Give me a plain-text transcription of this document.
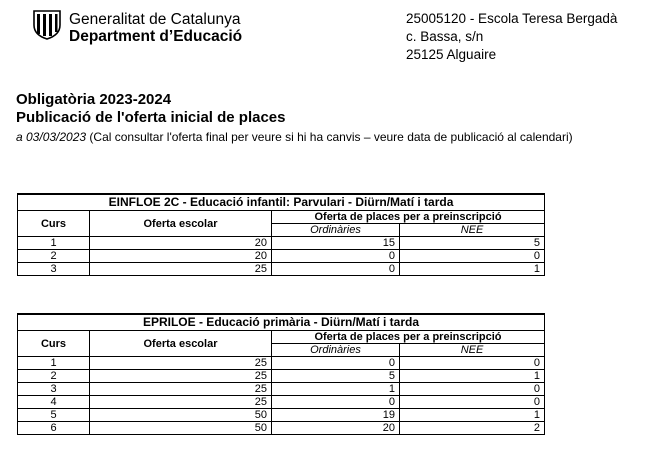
Generalitat de Catalunya
Department d’Educació
25005120 - Escola Teresa Bergadà
c. Bassa, s/n
25125 Alguaire
Obligatòria 2023-2024
Publicació de l'oferta inicial de places
a 03/03/2023 (Cal consultar l'oferta final per veure si hi ha canvis – veure data de publicació al calendari)
EINFLOE 2C - Educació infantil: Parvulari - Diürn/Matí i tarda			
Curs	Oferta escolar	Oferta de places per a preinscripció	
		Ordinàries	NEE
1	20	15	5
2	20	0	0
3	25	0	1
EPRILOE - Educació primària - Diürn/Matí i tarda			
Curs	Oferta escolar	Oferta de places per a preinscripció	
		Ordinàries	NEE
1	25	0	0
2	25	5	1
3	25	1	0
4	25	0	0
5	50	19	1
6	50	20	2
